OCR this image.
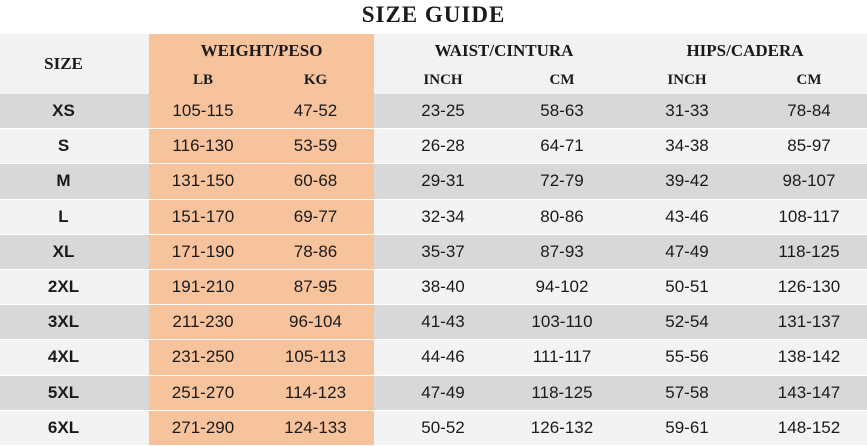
SIZE GUIDE
SIZE
WEIGHT/PESO	WAIST/CINTURA	HIPS/CADERA
LB	KG	INCH	CM	INCH	CM
XS	105-115	47-52	23-25	58-63	31-33	78-84
S	116-130	53-59	26-28	64-71	34-38	85-97
M	131-150	60-68	29-31	72-79	39-42	98-107
L	151-170	69-77	32-34	80-86	43-46	108-117
XL	171-190	78-86	35-37	87-93	47-49	118-125
2XL	191-210	87-95	38-40	94-102	50-51	126-130
3XL	211-230	96-104	41-43	103-110	52-54	131-137
4XL	231-250	105-113	44-46	111-117	55-56	138-142
5XL	251-270	114-123	47-49	118-125	57-58	143-147
6XL	271-290	124-133	50-52	126-132	59-61	148-152
